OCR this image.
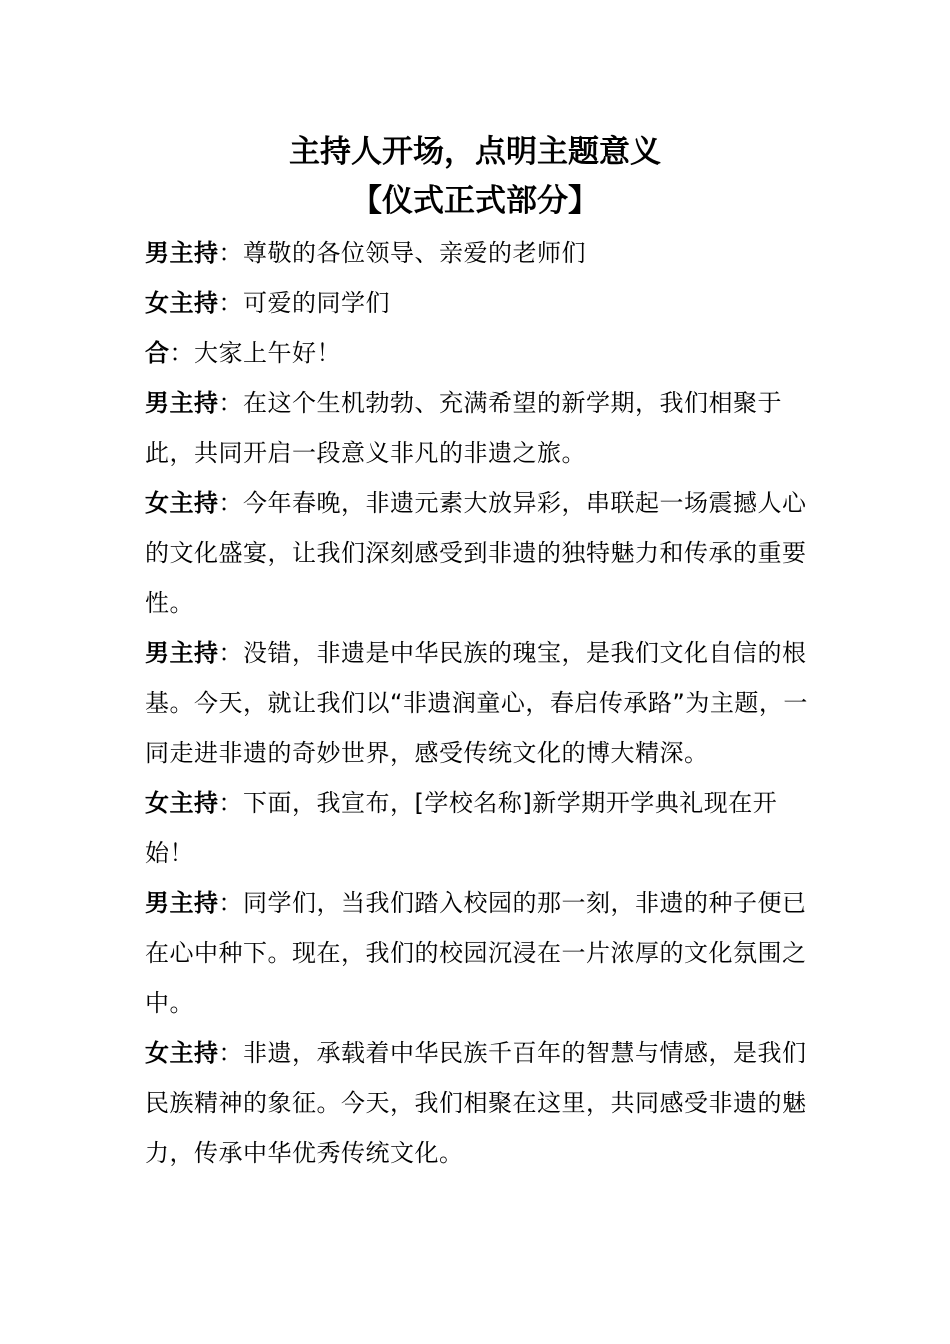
主持人开场，点明主题意义
【仪式正式部分】

男主持：尊敬的各位领导、亲爱的老师们

女主持：可爱的同学们

合：大家上午好！

男主持：在这个生机勃勃、充满希望的新学期，我们相聚于此，共同开启一段意义非凡的非遗之旅。

女主持：今年春晚，非遗元素大放异彩，串联起一场震撼人心的文化盛宴，让我们深刻感受到非遗的独特魅力和传承的重要性。

男主持：没错，非遗是中华民族的瑰宝，是我们文化自信的根基。今天，就让我们以“非遗润童心，春启传承路”为主题，一同走进非遗的奇妙世界，感受传统文化的博大精深。

女主持：下面，我宣布，[学校名称]新学期开学典礼现在开始！

男主持：同学们，当我们踏入校园的那一刻，非遗的种子便已在心中种下。现在，我们的校园沉浸在一片浓厚的文化氛围之中。

女主持：非遗，承载着中华民族千百年的智慧与情感，是我们民族精神的象征。今天，我们相聚在这里，共同感受非遗的魅力，传承中华优秀传统文化。
